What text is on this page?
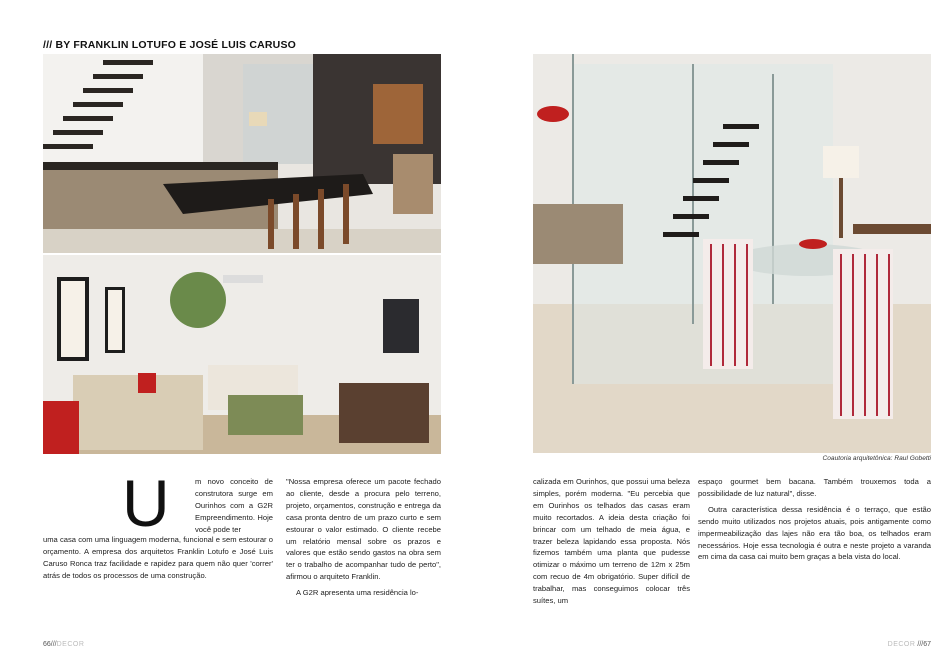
/// BY FRANKLIN LOTUFO E JOSÉ LUIS CARUSO
U	m novo conceito de construtora surge em Ourinhos com a G2R Empreendimento. Hoje você pode ter

uma casa com uma linguagem moderna, funcional e sem estourar o orçamento. A empresa dos arquitetos Franklin Lotufo e José Luis Caruso Ronca traz facilidade e rapidez para quem não quer 'correr' atrás de todos os processos de uma construção.

"Nossa empresa oferece um pacote fechado ao cliente, desde a procura pelo terreno, projeto, orçamentos, construção e entrega da casa pronta dentro de um prazo curto e sem estourar o valor estimado. O cliente recebe um relatório mensal sobre os prazos e valores que estão sendo gastos na obra sem ter o trabalho de acompanhar tudo de perto", afirmou o arquiteto Franklin.

A G2R apresenta uma residência lo-

Coautoria arquitetônica: Raul Gobetti

calizada em Ourinhos, que possui uma beleza simples, porém moderna. "Eu percebia que em Ourinhos os telhados das casas eram muito recortados. A ideia desta criação foi brincar com um telhado de meia água, e trazer beleza lapidando essa proposta. Nós fizemos também uma planta que pudesse otimizar o máximo um terreno de 12m x 25m com recuo de 4m obrigatório. Super difícil de trabalhar, mas conseguimos colocar três suítes, um

espaço gourmet bem bacana. Também trouxemos toda a possibilidade de luz natural", disse.

Outra característica dessa residência é o terraço, que estão sendo muito utilizados nos projetos atuais, pois antigamente como impermeabilização das lajes não era tão boa, os telhados eram necessários. Hoje essa tecnologia é outra e neste projeto a varanda em cima da casa cai muito bem graças a bela vista do local.

66///DECOR	DECOR ///67
